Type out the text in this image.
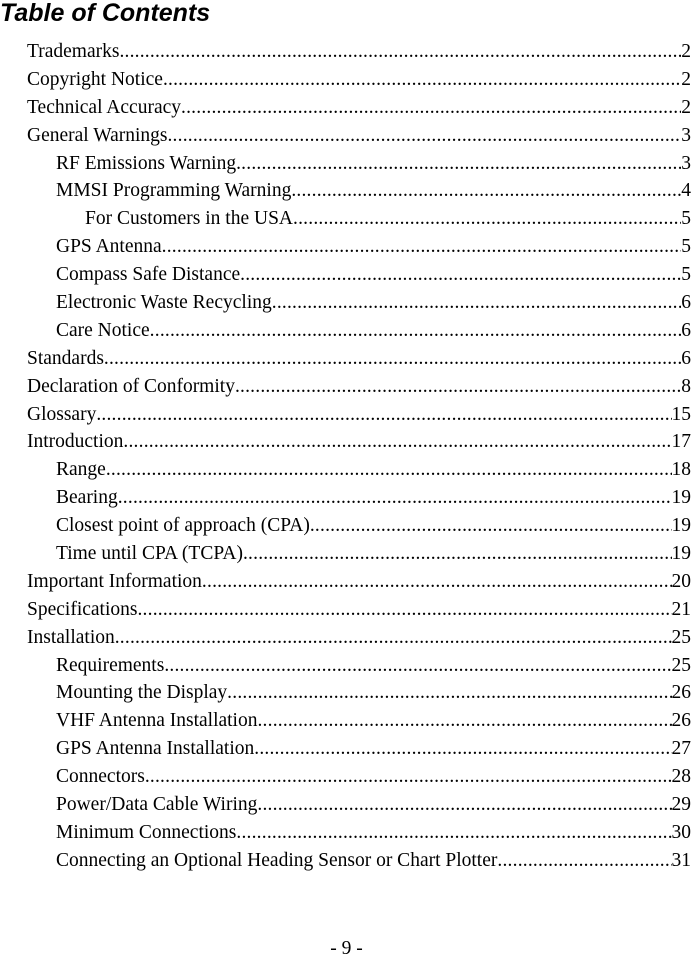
Table of Contents
Trademarks .....	2
Copyright Notice .....	2
Technical Accuracy .....	2
General Warnings .....	3
RF Emissions Warning .....	3
MMSI Programming Warning .....	4
For Customers in the USA .....	5
GPS Antenna .....	5
Compass Safe Distance .....	5
Electronic Waste Recycling .....	6
Care Notice .....	6
Standards .....	6
Declaration of Conformity .....	8
Glossary .....	15
Introduction .....	17
Range .....	18
Bearing .....	19
Closest point of approach (CPA) .....	19
Time until CPA (TCPA) .....	19
Important Information .....	20
Specifications .....	21
Installation .....	25
Requirements .....	25
Mounting the Display .....	26
VHF Antenna Installation .....	26
GPS Antenna Installation .....	27
Connectors .....	28
Power/Data Cable Wiring .....	29
Minimum Connections .....	30
Connecting an Optional Heading Sensor or Chart Plotter .....	31
- 9 -
